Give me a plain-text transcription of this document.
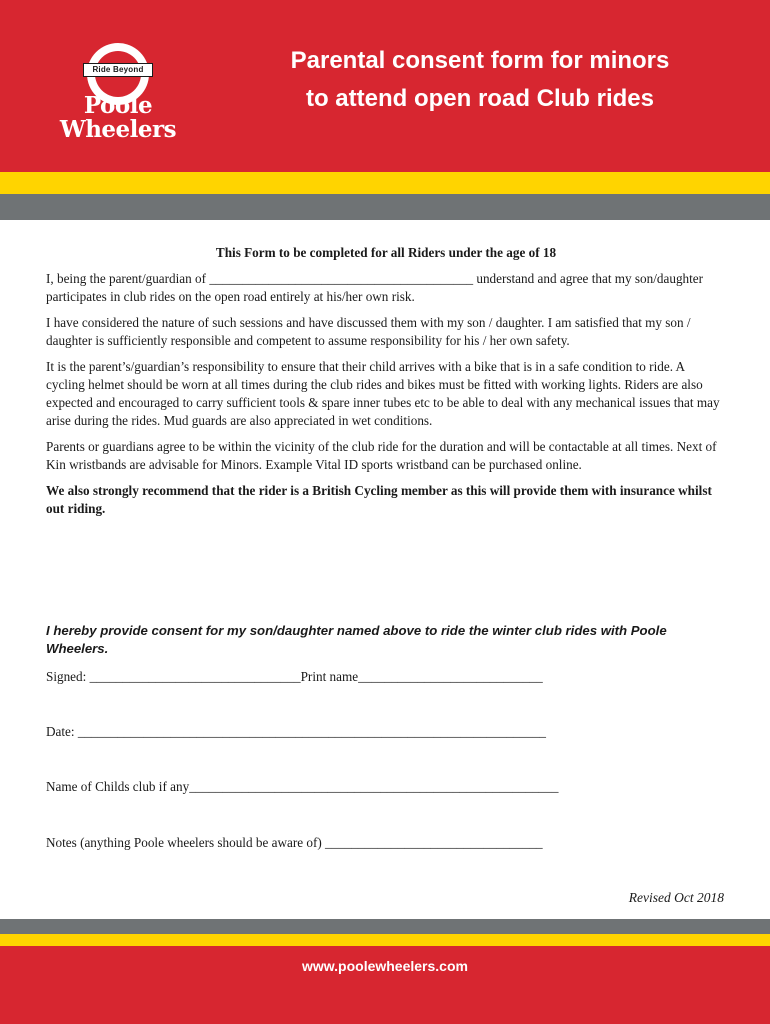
Ride Beyond
Poole
Wheelers
Parental consent form for minors
to attend open road Club rides

This Form to be completed for all Riders under the age of 18

I, being the parent/guardian of ________________________________________ understand and agree that my son/daughter participates in club rides on the open road entirely at his/her own risk.

I have considered the nature of such sessions and have discussed them with my son / daughter. I am satisfied that my son / daughter is sufficiently responsible and competent to assume responsibility for his / her own safety.

It is the parent’s/guardian’s responsibility to ensure that their child arrives with a bike that is in a safe condition to ride. A cycling helmet should be worn at all times during the club rides and bikes must be fitted with working lights. Riders are also expected and encouraged to carry sufficient tools & spare inner tubes etc to be able to deal with any mechanical issues that may arise during the rides. Mud guards are also appreciated in wet conditions.

Parents or guardians agree to be within the vicinity of the club ride for the duration and will be contactable at all times. Next of Kin wristbands are advisable for Minors. Example Vital ID sports wristband can be purchased online.

We also strongly recommend that the rider is a British Cycling member as this will provide them with insurance whilst out riding.

I hereby provide consent for my son/daughter named above to ride the winter club rides with Poole Wheelers.
Signed: ________________________________Print name____________________________
Date: _______________________________________________________________________
Name of Childs club if any________________________________________________________
Notes (anything Poole wheelers should be aware of) _________________________________
Revised Oct 2018
www.poolewheelers.com
